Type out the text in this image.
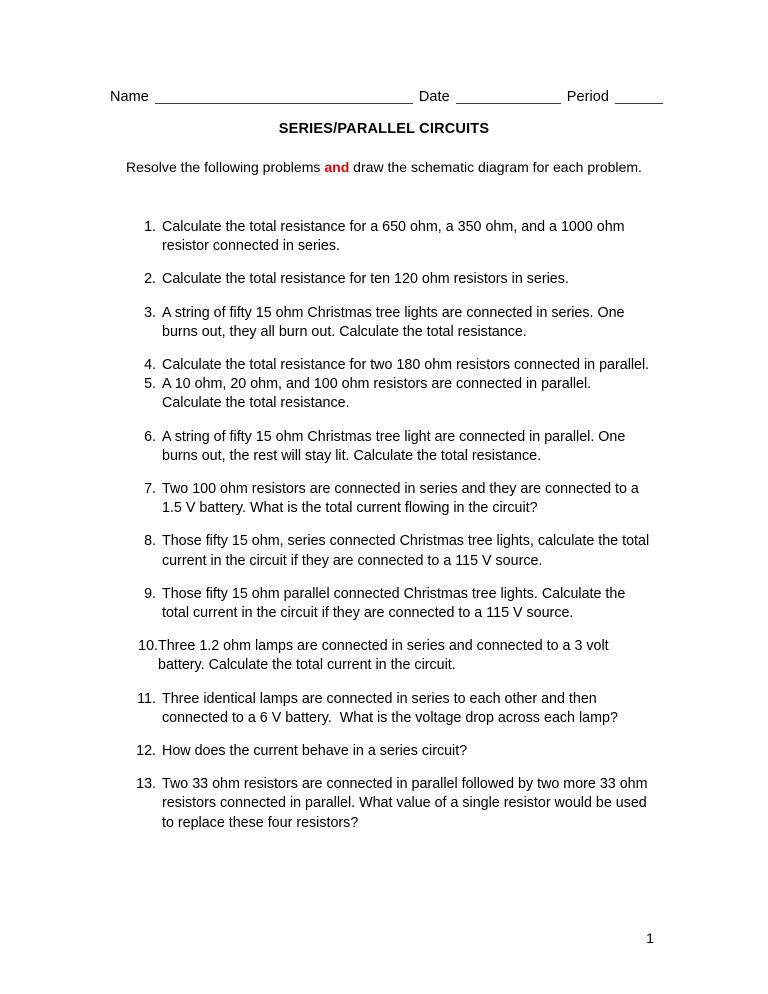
Name	Date	Period
SERIES/PARALLEL CIRCUITS
Resolve the following problems and draw the schematic diagram for each problem.
1. Calculate the total resistance for a 650 ohm, a 350 ohm, and a 1000 ohm resistor connected in series.
2. Calculate the total resistance for ten 120 ohm resistors in series.
3. A string of fifty 15 ohm Christmas tree lights are connected in series. One burns out, they all burn out. Calculate the total resistance.
4. Calculate the total resistance for two 180 ohm resistors connected in parallel.
5. A 10 ohm, 20 ohm, and 100 ohm resistors are connected in parallel. Calculate the total resistance.
6. A string of fifty 15 ohm Christmas tree light are connected in parallel. One burns out, the rest will stay lit. Calculate the total resistance.
7. Two 100 ohm resistors are connected in series and they are connected to a 1.5 V battery. What is the total current flowing in the circuit?
8. Those fifty 15 ohm, series connected Christmas tree lights, calculate the total current in the circuit if they are connected to a 115 V source.
9. Those fifty 15 ohm parallel connected Christmas tree lights. Calculate the total current in the circuit if they are connected to a 115 V source.
10. Three 1.2 ohm lamps are connected in series and connected to a 3 volt battery. Calculate the total current in the circuit.
11. Three identical lamps are connected in series to each other and then connected to a 6 V battery.  What is the voltage drop across each lamp?
12. How does the current behave in a series circuit?
13. Two 33 ohm resistors are connected in parallel followed by two more 33 ohm resistors connected in parallel. What value of a single resistor would be used to replace these four resistors?
1
